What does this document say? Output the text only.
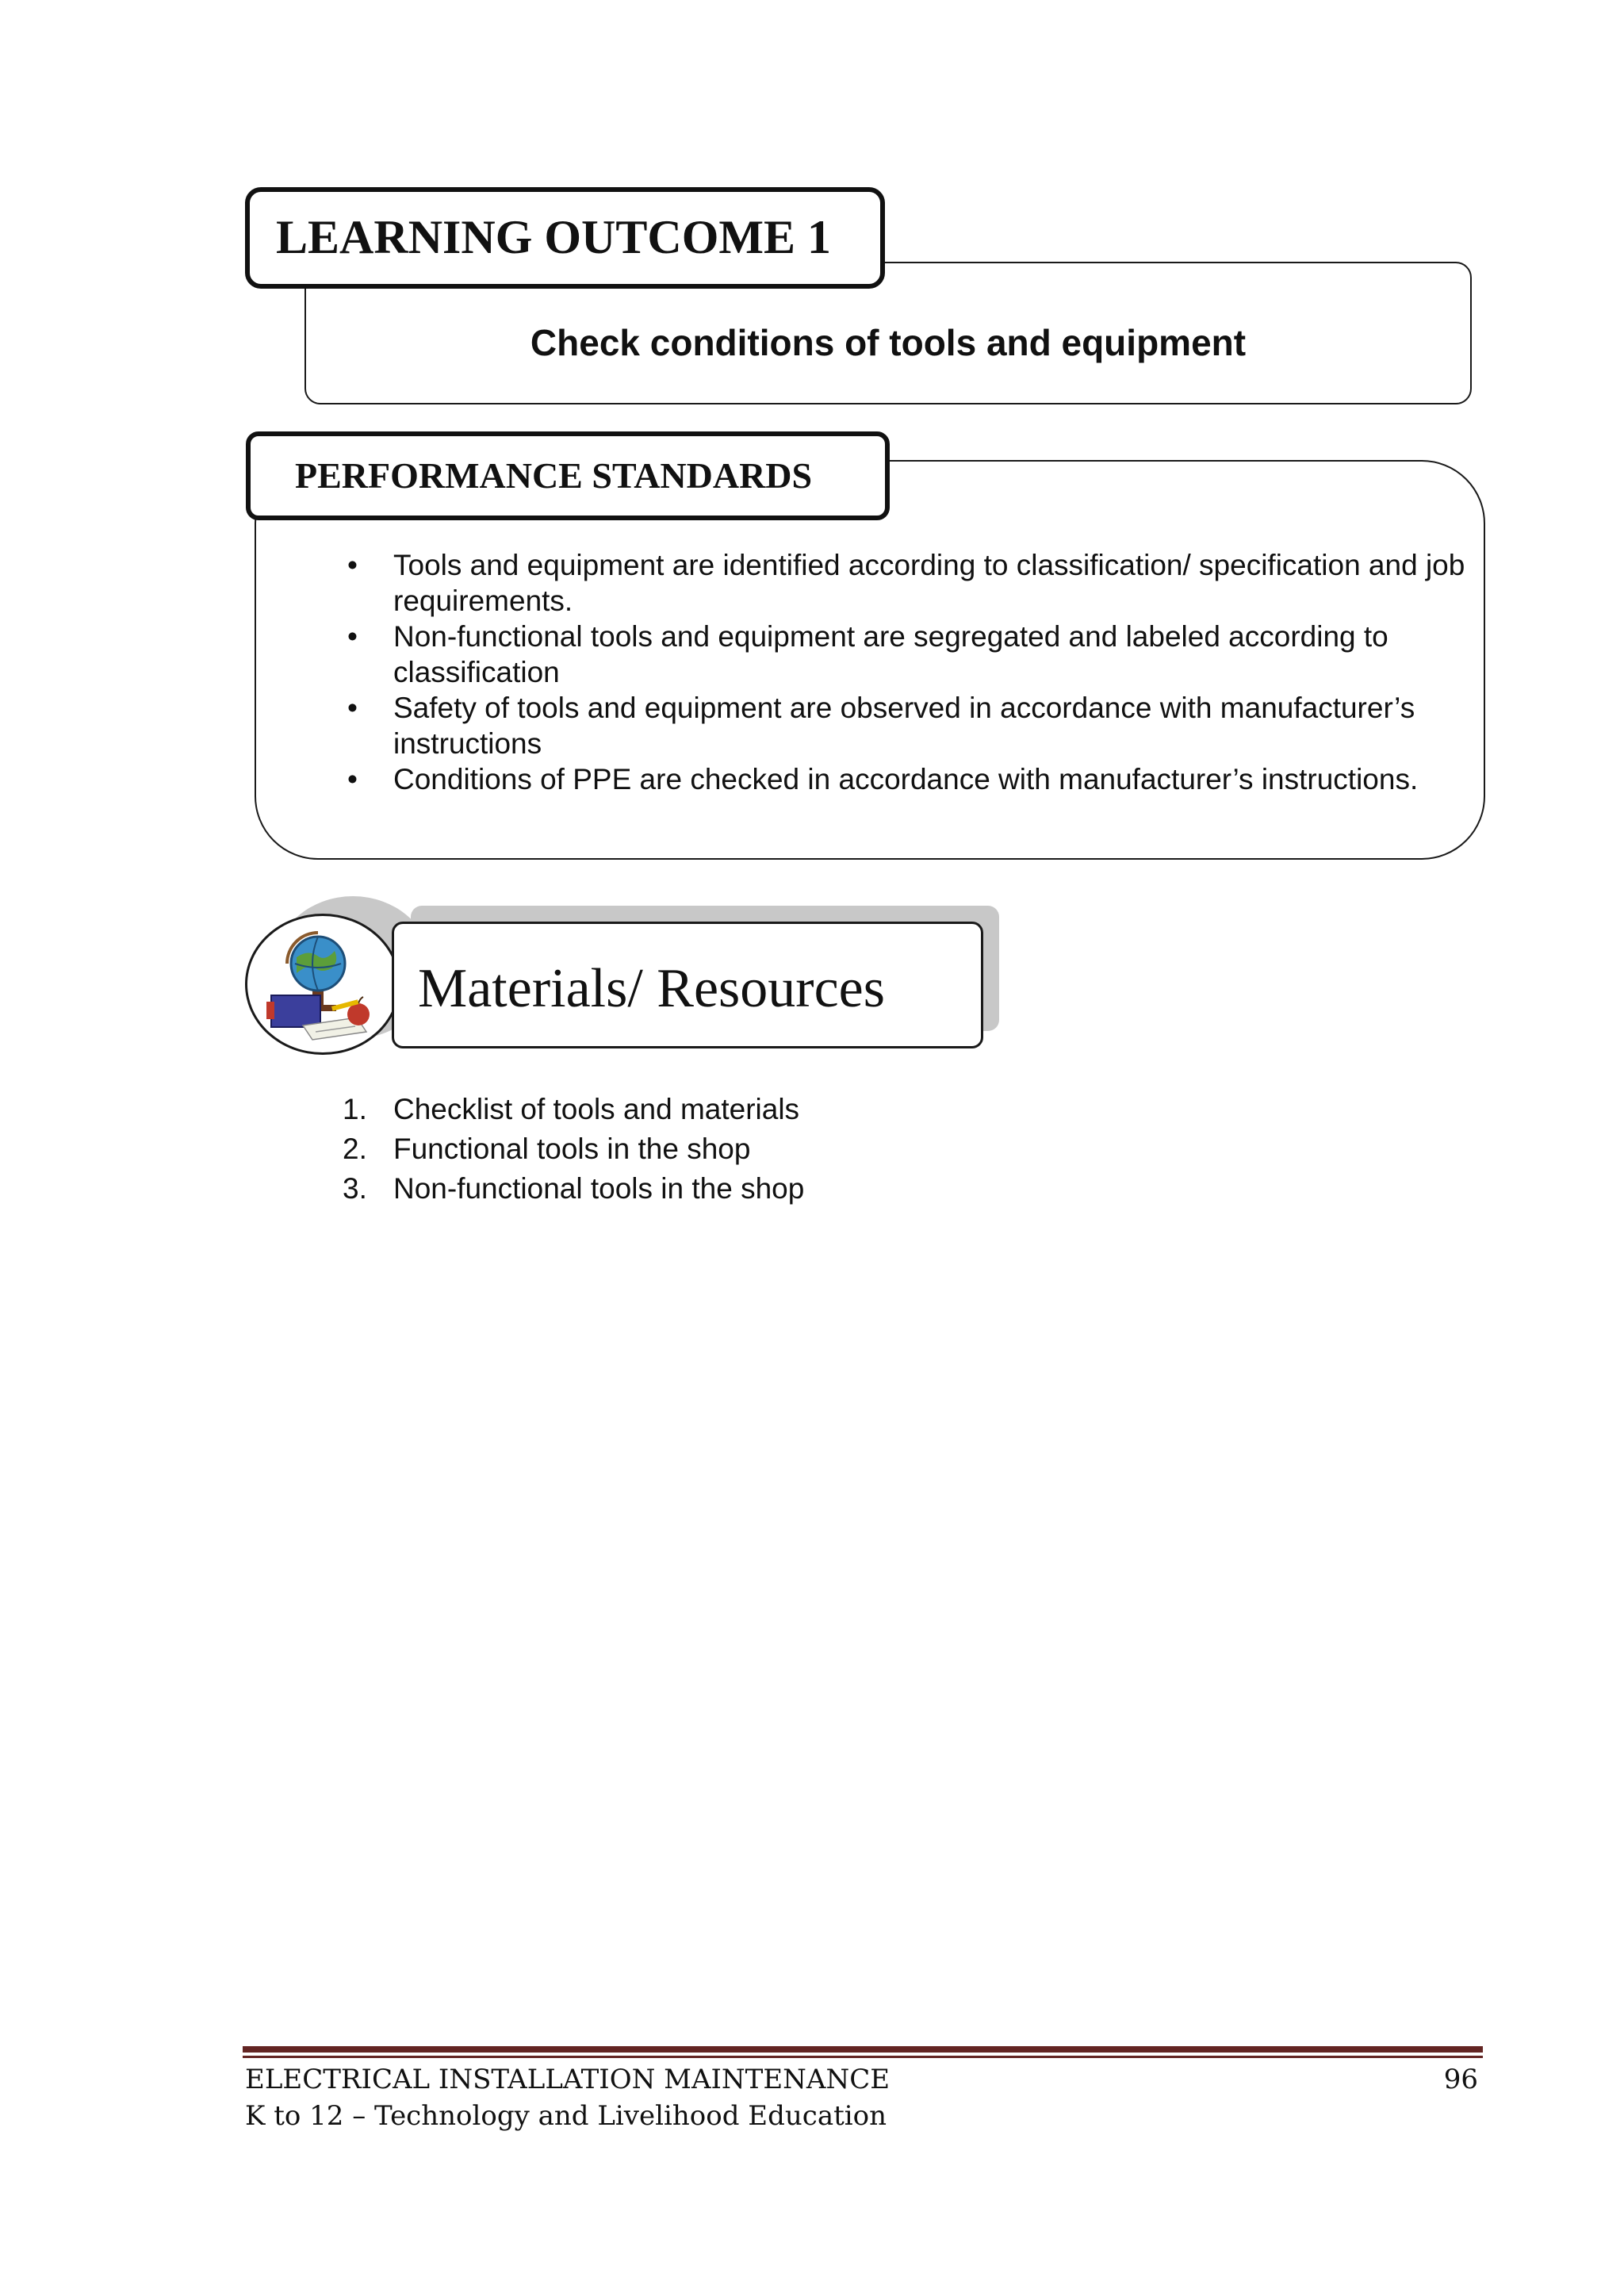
Check conditions of tools and equipment
LEARNING OUTCOME 1
PERFORMANCE STANDARDS
•	Tools and equipment are identified according to classification/ specification and job requirements.
•	Non-functional tools and equipment are segregated and labeled according to classification
•	Safety of tools and equipment are observed in accordance with manufacturer’s instructions
•	Conditions of PPE are checked in accordance with manufacturer’s instructions.
Materials/ Resources
1. Checklist of tools and materials
2. Functional tools in the shop
3. Non-functional tools in the shop
ELECTRICAL INSTALLATION MAINTENANCE
K to 12 – Technology and Livelihood Education
96
